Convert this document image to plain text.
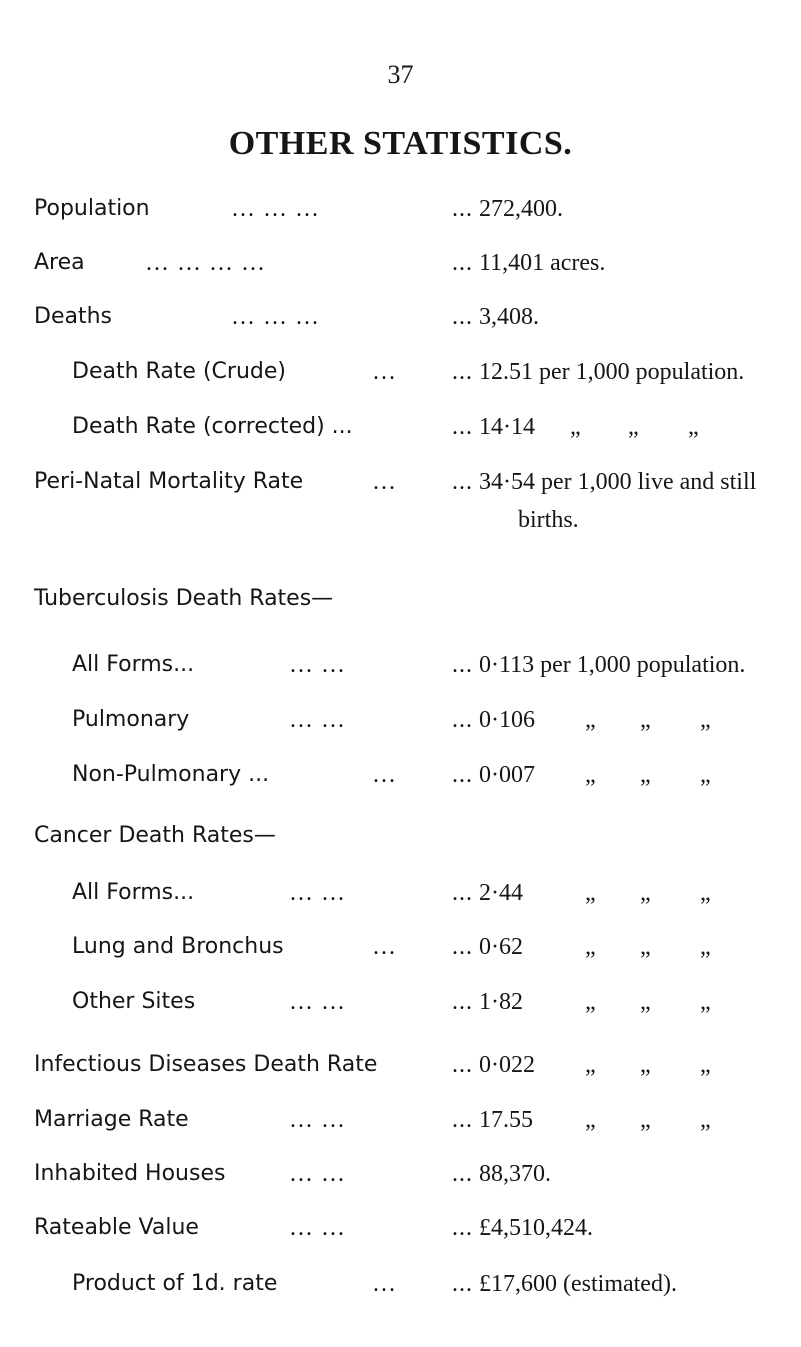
37
OTHER STATISTICS.
Population	... ... ...	... 272,400.
Area	... ... ... ...	... 11,401 acres.
Deaths	... ... ...	... 3,408.
Death Rate (Crude)	... ... 12.51 per 1,000 population.
Death Rate (corrected) ...	... 14·14 „ „ „
Peri-Natal Mortality Rate	... ... 34·54 per 1,000 live and still
births.
Tuberculosis Death Rates—
All Forms...	... ...	... 0·113 per 1,000 population.
Pulmonary	... ...	... 0·106 „ „ „
Non-Pulmonary ...	... ... 0·007 „ „ „
Cancer Death Rates—
All Forms...	... ...	... 2·44	„ „ „
Lung and Bronchus	... ... 0·62	„ „ „
Other Sites	... ...	... 1·82	„ „ „
Infectious Diseases Death Rate	... 0·022 „ „ „
Marriage Rate	... ...	... 17.55 „ „ „
Inhabited Houses	... ...	... 88,370.
Rateable Value	... ...	... £4,510,424.
Product of 1d. rate	... ... £17,600 (estimated).
